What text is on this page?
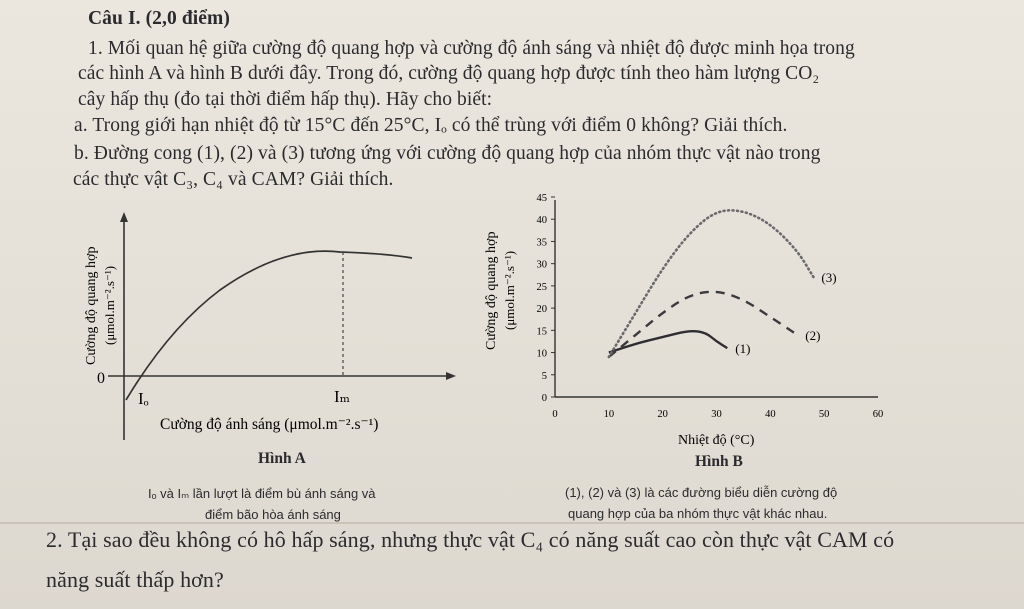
Câu I. (2,0 điểm)
1. Mối quan hệ giữa cường độ quang hợp và cường độ ánh sáng và nhiệt độ được minh họa trong
các hình A và hình B dưới đây. Trong đó, cường độ quang hợp được tính theo hàm lượng CO₂
cây hấp thụ (đo tại thời điểm hấp thụ). Hãy cho biết:
a. Trong giới hạn nhiệt độ từ 15°C đến 25°C, Iₒ có thể trùng với điểm 0 không? Giải thích.
b. Đường cong (1), (2) và (3) tương ứng với cường độ quang hợp của nhóm thực vật nào trong
các thực vật C₃, C₄ và CAM? Giải thích.
Cường độ quang hợp (μmol.m⁻².s⁻¹)
0
Iₒ	Iₘ
Cường độ ánh sáng (μmol.m⁻².s⁻¹)
Hình A
Iₒ và Iₘ lần lượt là điểm bù ánh sáng và
điểm bão hòa ánh sáng
Cường độ quang hợp (μmol.m⁻².s⁻¹)
0
5
10
15
20
25
30
35
40
45
0	10	20	30	40	50	60
(1)
(2)
(3)
Nhiệt độ (°C)
Hình B
(1), (2) và (3) là các đường biểu diễn cường độ
quang hợp của ba nhóm thực vật khác nhau.
2. Tại sao đều không có hô hấp sáng, nhưng thực vật C₄ có năng suất cao còn thực vật CAM có
năng suất thấp hơn?
